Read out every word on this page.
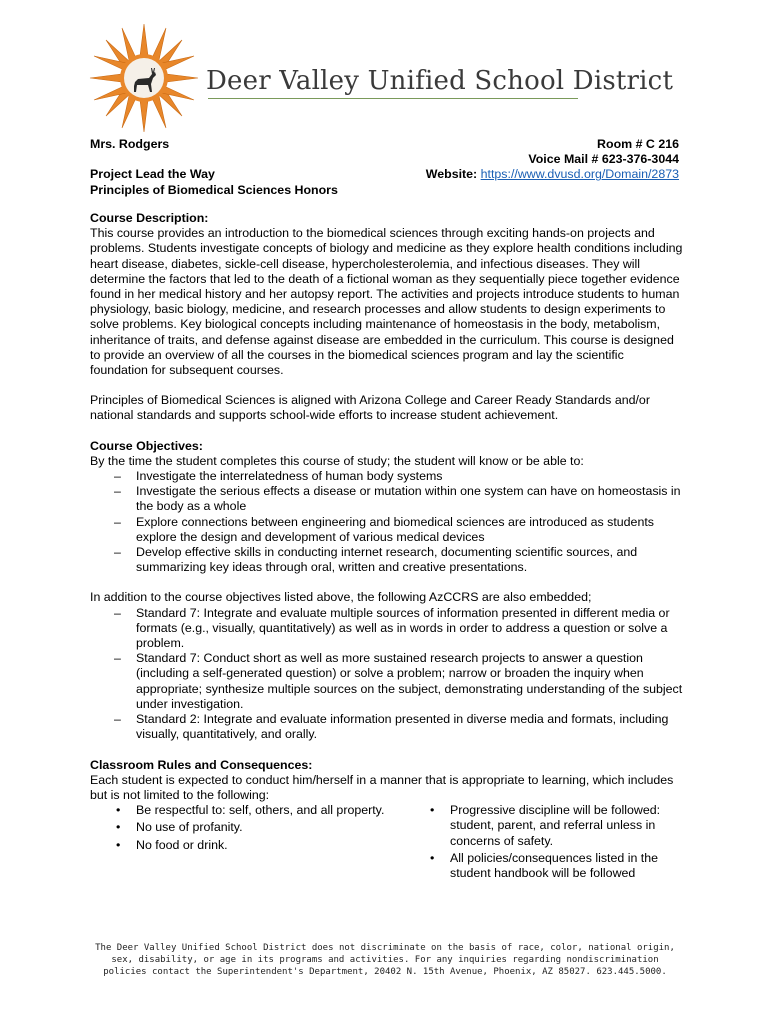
Deer Valley Unified School District
Mrs. Rodgers
Project Lead the Way
Principles of Biomedical Sciences Honors
Room # C 216
Voice Mail # 623-376-3044
Website: https://www.dvusd.org/Domain/2873

Course Description:

This course provides an introduction to the biomedical sciences through exciting hands-on projects and problems. Students investigate concepts of biology and medicine as they explore health conditions including heart disease, diabetes, sickle-cell disease, hypercholesterolemia, and infectious diseases. They will determine the factors that led to the death of a fictional woman as they sequentially piece together evidence found in her medical history and her autopsy report. The activities and projects introduce students to human physiology, basic biology, medicine, and research processes and allow students to design experiments to solve problems. Key biological concepts including maintenance of homeostasis in the body, metabolism, inheritance of traits, and defense against disease are embedded in the curriculum. This course is designed to provide an overview of all the courses in the biomedical sciences program and lay the scientific foundation for subsequent courses.

Principles of Biomedical Sciences is aligned with Arizona College and Career Ready Standards and/or national standards and supports school-wide efforts to increase student achievement.

Course Objectives:

By the time the student completes this course of study; the student will know or be able to:

– Investigate the interrelatedness of human body systems
– Investigate the serious effects a disease or mutation within one system can have on homeostasis in the body as a whole
– Explore connections between engineering and biomedical sciences are introduced as students explore the design and development of various medical devices
– Develop effective skills in conducting internet research, documenting scientific sources, and summarizing key ideas through oral, written and creative presentations.

In addition to the course objectives listed above, the following AzCCRS are also embedded;

– Standard 7: Integrate and evaluate multiple sources of information presented in different media or formats (e.g., visually, quantitatively) as well as in words in order to address a question or solve a problem.
– Standard 7: Conduct short as well as more sustained research projects to answer a question (including a self-generated question) or solve a problem; narrow or broaden the inquiry when appropriate; synthesize multiple sources on the subject, demonstrating understanding of the subject under investigation.
– Standard 2: Integrate and evaluate information presented in diverse media and formats, including visually, quantitatively, and orally.

Classroom Rules and Consequences:

Each student is expected to conduct him/herself in a manner that is appropriate to learning, which includes but is not limited to the following:

• Be respectful to: self, others, and all property.
• No use of profanity.
• No food or drink.
• Progressive discipline will be followed: student, parent, and referral unless in concerns of safety.
• All policies/consequences listed in the student handbook will be followed
The Deer Valley Unified School District does not discriminate on the basis of race, color, national origin, sex, disability, or age in its programs and activities. For any inquiries regarding nondiscrimination policies contact the Superintendent's Department, 20402 N. 15th Avenue, Phoenix, AZ 85027. 623.445.5000.
